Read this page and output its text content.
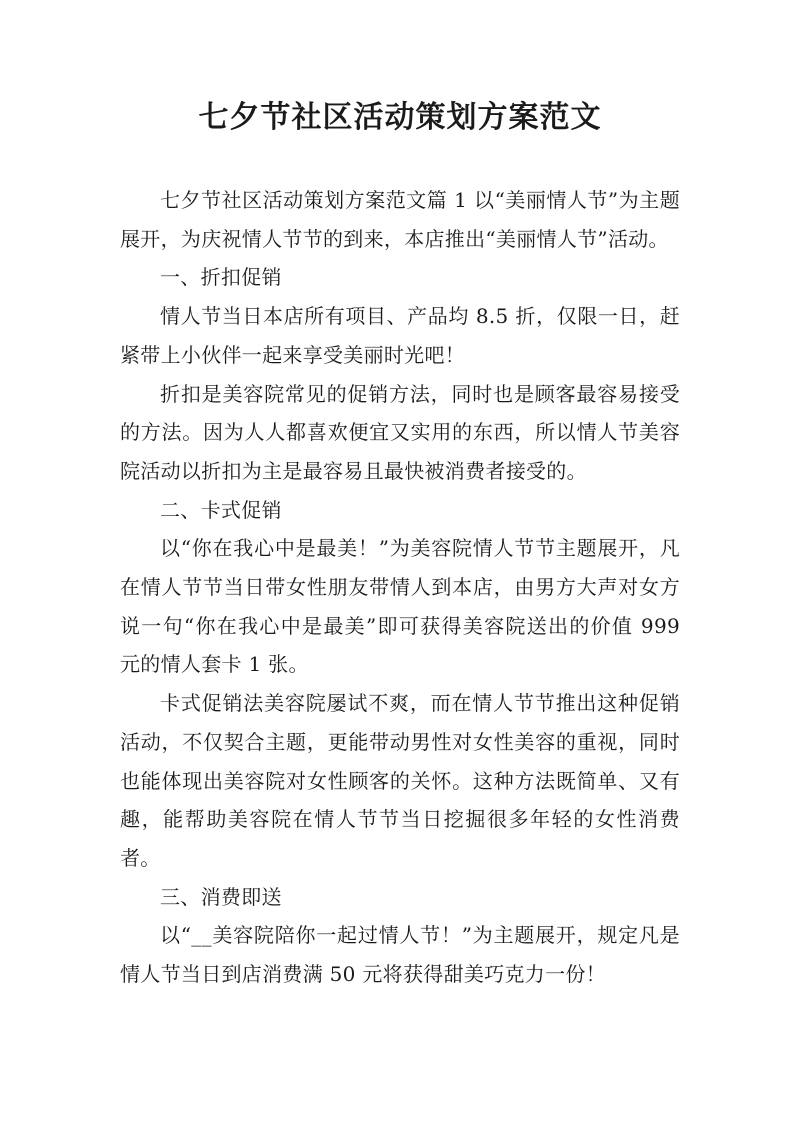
七夕节社区活动策划方案范文

七夕节社区活动策划方案范文篇 1 以“美丽情人节”为主题展开，为庆祝情人节节的到来，本店推出“美丽情人节”活动。

一、折扣促销

情人节当日本店所有项目、产品均 8.5 折，仅限一日，赶紧带上小伙伴一起来享受美丽时光吧！

折扣是美容院常见的促销方法，同时也是顾客最容易接受的方法。因为人人都喜欢便宜又实用的东西，所以情人节美容院活动以折扣为主是最容易且最快被消费者接受的。

二、卡式促销

以“你在我心中是最美！”为美容院情人节节主题展开，凡在情人节节当日带女性朋友带情人到本店，由男方大声对女方说一句“你在我心中是最美”即可获得美容院送出的价值 999 元的情人套卡 1 张。

卡式促销法美容院屡试不爽，而在情人节节推出这种促销活动，不仅契合主题，更能带动男性对女性美容的重视，同时也能体现出美容院对女性顾客的关怀。这种方法既简单、又有趣，能帮助美容院在情人节节当日挖掘很多年轻的女性消费者。

三、消费即送

以“__美容院陪你一起过情人节！”为主题展开，规定凡是情人节当日到店消费满 50 元将获得甜美巧克力一份！
